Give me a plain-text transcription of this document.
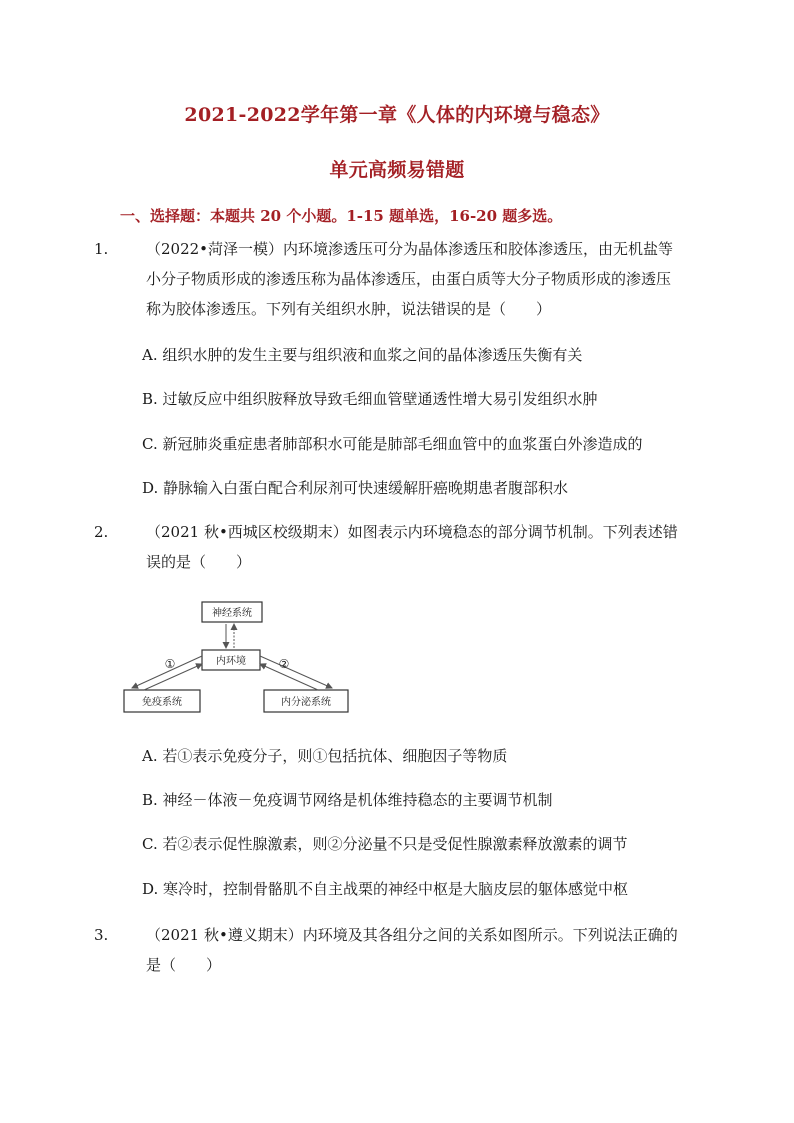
2021-2022学年第一章《人体的内环境与稳态》
单元高频易错题
一、选择题：本题共 20 个小题。1-15 题单选，16-20 题多选。
1.	（2022•菏泽一模）内环境渗透压可分为晶体渗透压和胶体渗透压，由无机盐等小分子物质形成的渗透压称为晶体渗透压，由蛋白质等大分子物质形成的渗透压称为胶体渗透压。下列有关组织水肿，说法错误的是（　　）
A. 组织水肿的发生主要与组织液和血浆之间的晶体渗透压失衡有关
B. 过敏反应中组织胺释放导致毛细血管壁通透性增大易引发组织水肿
C. 新冠肺炎重症患者肺部积水可能是肺部毛细血管中的血浆蛋白外渗造成的
D. 静脉输入白蛋白配合利尿剂可快速缓解肝癌晚期患者腹部积水
2.	（2021 秋•西城区校级期末）如图表示内环境稳态的部分调节机制。下列表述错误的是（　　）
神经系统
内环境
免疫系统	内分泌系统
①	②
A. 若①表示免疫分子，则①包括抗体、细胞因子等物质
B. 神经－体液－免疫调节网络是机体维持稳态的主要调节机制
C. 若②表示促性腺激素，则②分泌量不只是受促性腺激素释放激素的调节
D. 寒冷时，控制骨骼肌不自主战栗的神经中枢是大脑皮层的躯体感觉中枢
3.	（2021 秋•遵义期末）内环境及其各组分之间的关系如图所示。下列说法正确的是（　　）
